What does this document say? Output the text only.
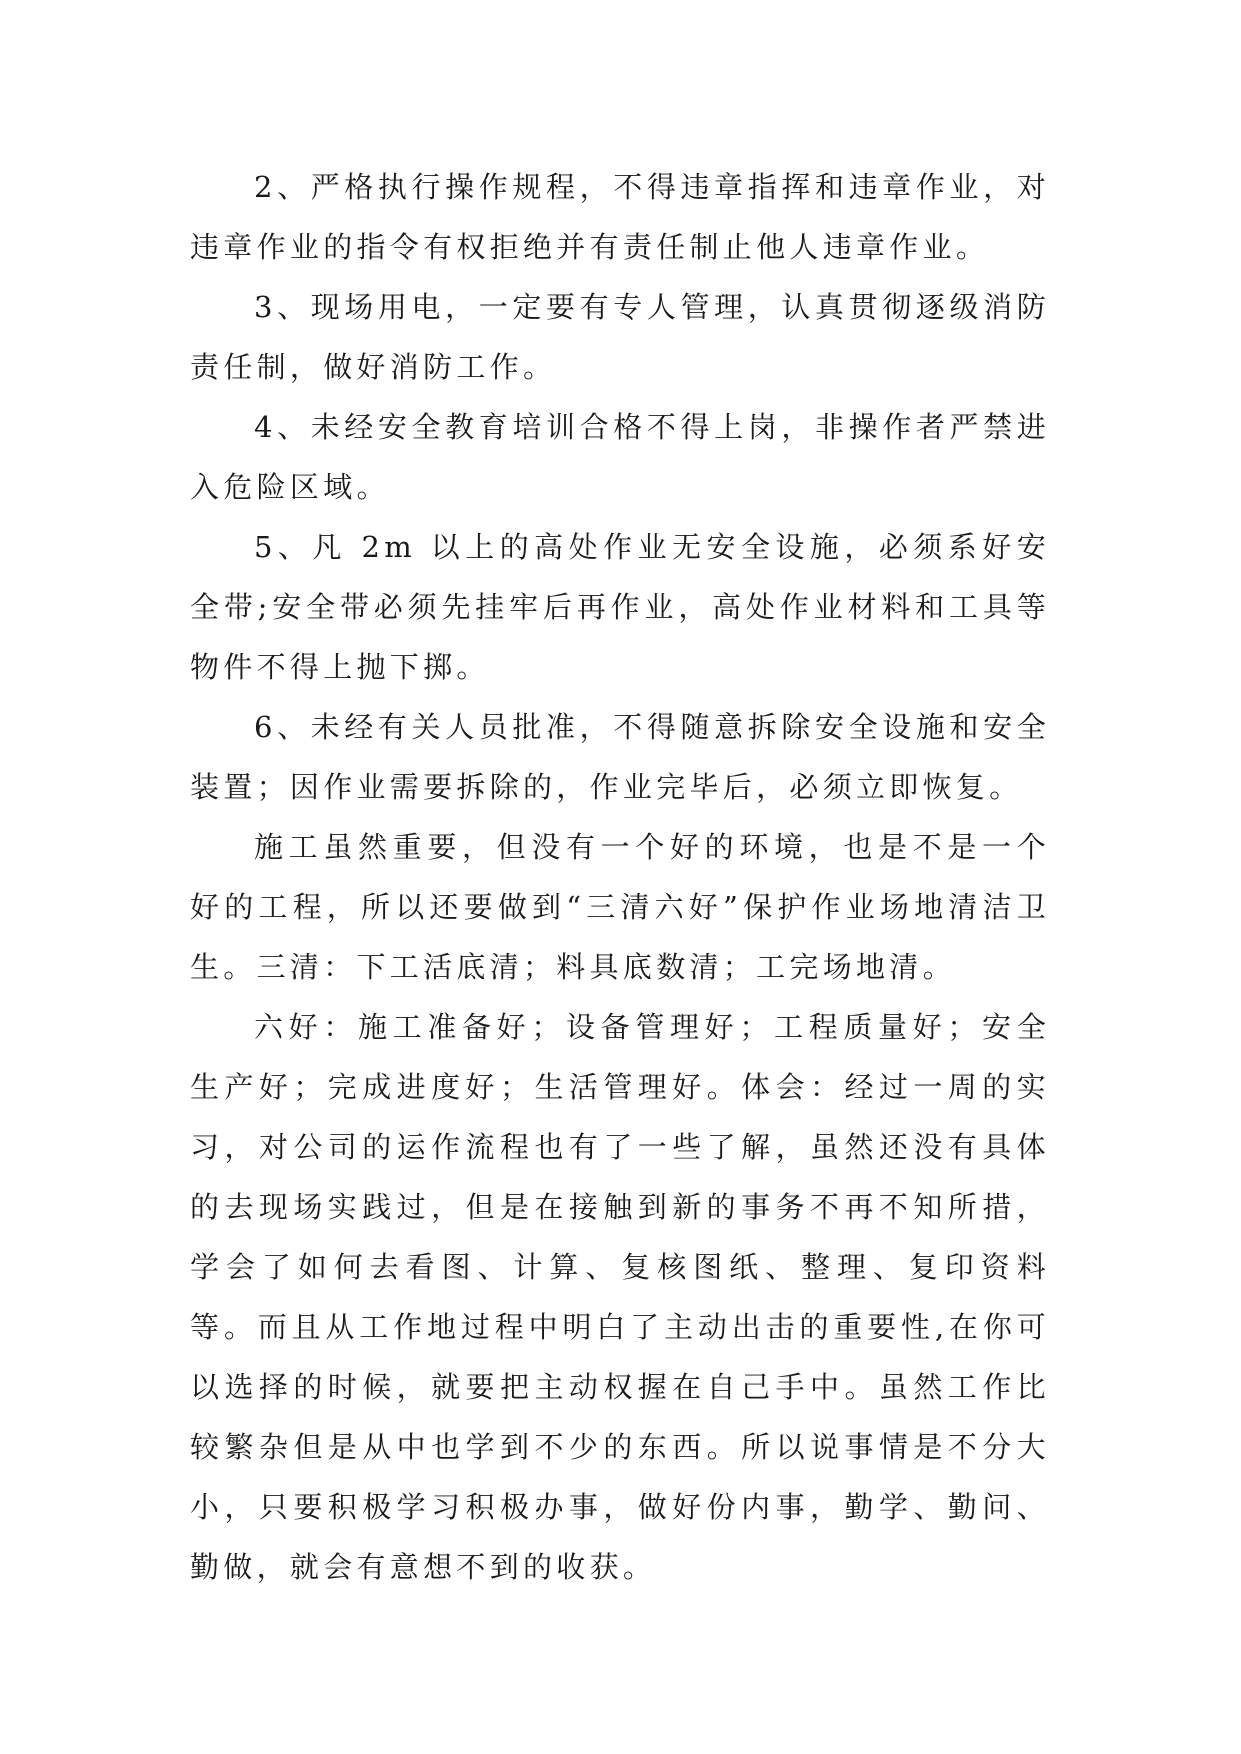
2、严格执行操作规程，不得违章指挥和违章作业，对违章作业的指令有权拒绝并有责任制止他人违章作业。

3、现场用电，一定要有专人管理，认真贯彻逐级消防责任制，做好消防工作。

4、未经安全教育培训合格不得上岗，非操作者严禁进入危险区域。

5、凡 2m 以上的高处作业无安全设施，必须系好安全带;安全带必须先挂牢后再作业，高处作业材料和工具等物件不得上抛下掷。

6、未经有关人员批准，不得随意拆除安全设施和安全装置；因作业需要拆除的，作业完毕后，必须立即恢复。

施工虽然重要，但没有一个好的环境，也是不是一个好的工程，所以还要做到“三清六好”保护作业场地清洁卫生。三清：下工活底清；料具底数清；工完场地清。

六好：施工准备好；设备管理好；工程质量好；安全生产好；完成进度好；生活管理好。体会：经过一周的实习，对公司的运作流程也有了一些了解，虽然还没有具体的去现场实践过，但是在接触到新的事务不再不知所措，学会了如何去看图、计算、复核图纸、整理、复印资料等。而且从工作地过程中明白了主动出击的重要性,在你可以选择的时候，就要把主动权握在自己手中。虽然工作比较繁杂但是从中也学到不少的东西。所以说事情是不分大小，只要积极学习积极办事，做好份内事，勤学、勤问、勤做，就会有意想不到的收获。
